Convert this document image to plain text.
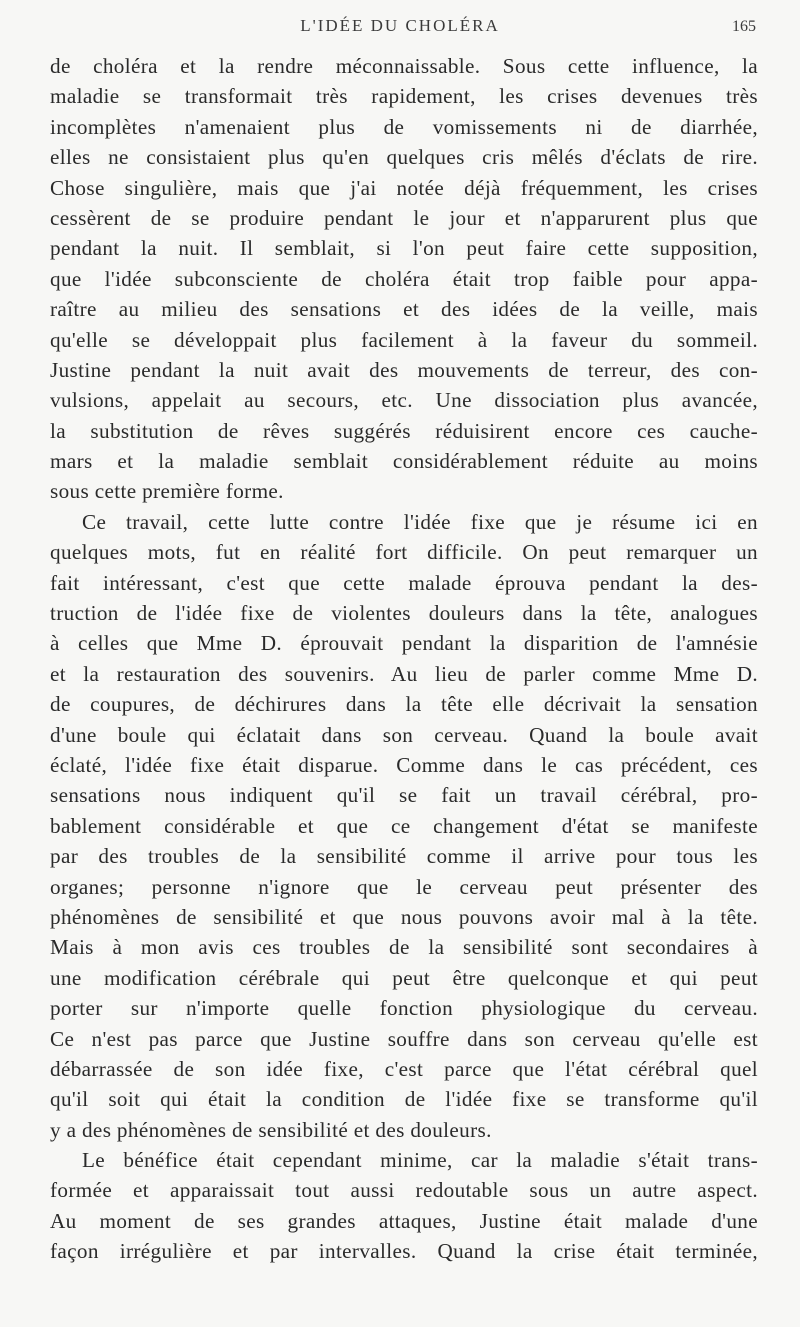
L'IDÉE DU CHOLÉRA	165
de choléra et la rendre méconnaissable. Sous cette influence, la
maladie se transformait très rapidement, les crises devenues très
incomplètes n'amenaient plus de vomissements ni de diarrhée,
elles ne consistaient plus qu'en quelques cris mêlés d'éclats de rire.
Chose singulière, mais que j'ai notée déjà fréquemment, les crises
cessèrent de se produire pendant le jour et n'apparurent plus que
pendant la nuit. Il semblait, si l'on peut faire cette supposition,
que l'idée subconsciente de choléra était trop faible pour appa-
raître au milieu des sensations et des idées de la veille, mais
qu'elle se développait plus facilement à la faveur du sommeil.
Justine pendant la nuit avait des mouvements de terreur, des con-
vulsions, appelait au secours, etc. Une dissociation plus avancée,
la substitution de rêves suggérés réduisirent encore ces cauche-
mars et la maladie semblait considérablement réduite au moins
sous cette première forme.
Ce travail, cette lutte contre l'idée fixe que je résume ici en
quelques mots, fut en réalité fort difficile. On peut remarquer un
fait intéressant, c'est que cette malade éprouva pendant la des-
truction de l'idée fixe de violentes douleurs dans la tête, analogues
à celles que Mme D. éprouvait pendant la disparition de l'amnésie
et la restauration des souvenirs. Au lieu de parler comme Mme D.
de coupures, de déchirures dans la tête elle décrivait la sensation
d'une boule qui éclatait dans son cerveau. Quand la boule avait
éclaté, l'idée fixe était disparue. Comme dans le cas précédent, ces
sensations nous indiquent qu'il se fait un travail cérébral, pro-
bablement considérable et que ce changement d'état se manifeste
par des troubles de la sensibilité comme il arrive pour tous les
organes; personne n'ignore que le cerveau peut présenter des
phénomènes de sensibilité et que nous pouvons avoir mal à la tête.
Mais à mon avis ces troubles de la sensibilité sont secondaires à
une modification cérébrale qui peut être quelconque et qui peut
porter sur n'importe quelle fonction physiologique du cerveau.
Ce n'est pas parce que Justine souffre dans son cerveau qu'elle est
débarrassée de son idée fixe, c'est parce que l'état cérébral quel
qu'il soit qui était la condition de l'idée fixe se transforme qu'il
y a des phénomènes de sensibilité et des douleurs.
Le bénéfice était cependant minime, car la maladie s'était trans-
formée et apparaissait tout aussi redoutable sous un autre aspect.
Au moment de ses grandes attaques, Justine était malade d'une
façon irrégulière et par intervalles. Quand la crise était terminée,
